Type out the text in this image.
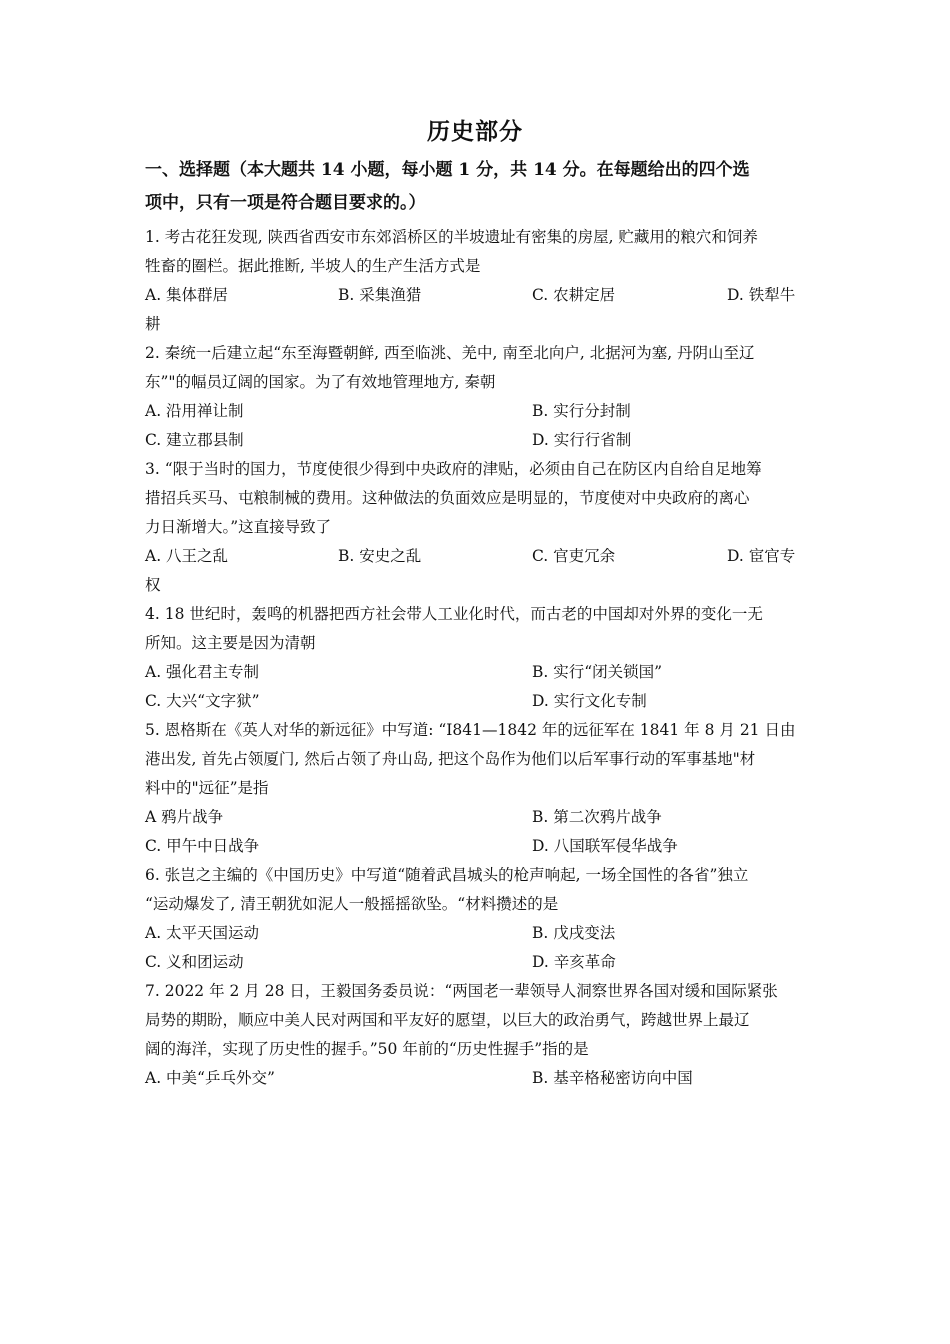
历史部分
一、选择题（本大题共 14 小题，每小题 1 分，共 14 分。在每题给出的四个选
项中，只有一项是符合题目要求的。）
1. 考古花狂发现, 陕西省西安市东郊滔桥区的半坡遗址有密集的房屋, 贮藏用的粮穴和饲养
牲畜的圈栏。据此推断, 半坡人的生产生活方式是
A. 集体群居	B. 采集渔猎	C. 农耕定居	D. 铁犁牛
耕
2. 秦统一后建立起“东至海暨朝鲜, 西至临洮、羌中, 南至北向户, 北据河为塞, 丹阴山至辽
东”"的幅员辽阔的国家。为了有效地管理地方, 秦朝
A. 沿用禅让制	B. 实行分封制
C. 建立郡县制	D. 实行行省制
3. “限于当时的国力，节度使很少得到中央政府的津贴，必须由自己在防区内自给自足地筹
措招兵买马、屯粮制械的费用。这种做法的负面效应是明显的，节度使对中央政府的离心
力日渐增大。”这直接导致了
A. 八王之乱	B. 安史之乱	C. 官吏冗余	D. 宦官专
权
4. 18 世纪时，轰鸣的机器把西方社会带人工业化时代，而古老的中国却对外界的变化一无
所知。这主要是因为清朝
A. 强化君主专制	B. 实行“闭关锁国”
C. 大兴“文字狱”	D. 实行文化专制
5. 恩格斯在《英人对华的新远征》中写道: “I841—1842 年的远征军在 1841 年 8 月 21 日由
港出发, 首先占领厦门, 然后占领了舟山岛, 把这个岛作为他们以后军事行动的军事基地"材
料中的"远征”是指
A 鸦片战争	B. 第二次鸦片战争
C. 甲午中日战争	D. 八国联军侵华战争
6. 张岂之主编的《中国历史》中写道“随着武昌城头的枪声响起, 一场全国性的各省”独立
“运动爆发了, 清王朝犹如泥人一般摇摇欲坠。“材料攒述的是
A. 太平天国运动	B. 戊戌变法
C. 义和团运动	D. 辛亥革命
7. 2022 年 2 月 28 日，王毅国务委员说：“两国老一辈领导人洞察世界各国对缓和国际紧张
局势的期盼，顺应中美人民对两国和平友好的愿望，以巨大的政治勇气，跨越世界上最辽
阔的海洋，实现了历史性的握手。”50 年前的“历史性握手”指的是
A. 中美“乒乓外交”	B. 基辛格秘密访向中国
